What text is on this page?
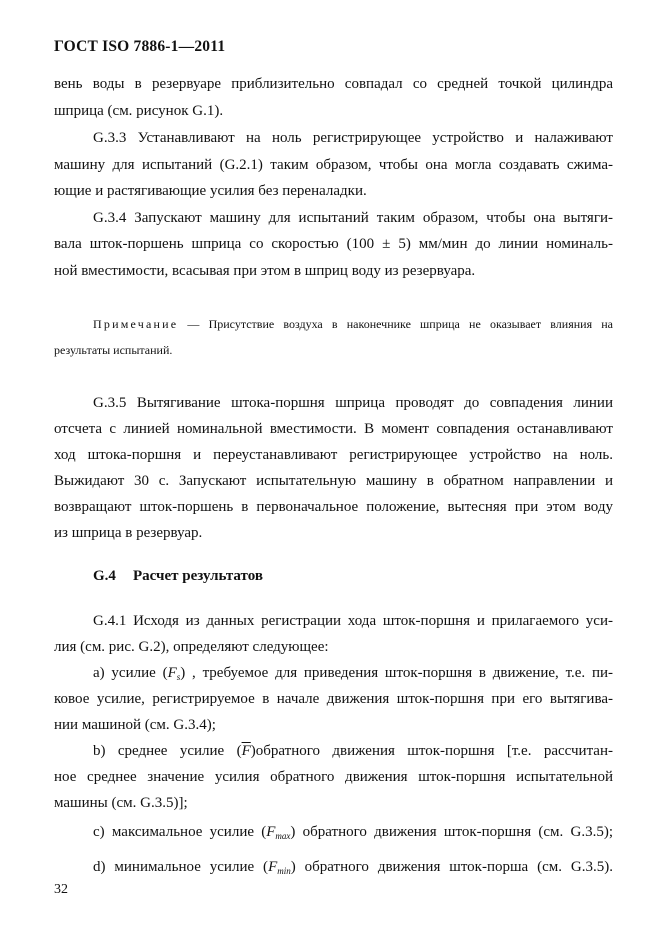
ГОСТ ISO 7886-1—2011
вень воды в резервуаре приблизительно совпадал со средней точкой цилиндра
шприца (см. рисунок G.1).
G.3.3 Устанавливают на ноль регистрирующее устройство и налаживают
машину для испытаний (G.2.1) таким образом, чтобы она могла создавать сжима-
ющие и растягивающие усилия без переналадки.
G.3.4 Запускают машину для испытаний таким образом, чтобы она вытяги-
вала шток-поршень шприца со скоростью (100 ± 5) мм/мин до линии номиналь-
ной вместимости, всасывая при этом в шприц воду из резервуара.
Примечание — Присутствие воздуха в наконечнике шприца не оказывает влияния на
результаты испытаний.
G.3.5 Вытягивание штока-поршня шприца проводят до совпадения линии
отсчета с линией номинальной вместимости. В момент совпадения останавливают
ход штока-поршня и переустанавливают регистрирующее устройство на ноль.
Выжидают 30 с. Запускают испытательную машину в обратном направлении и
возвращают шток-поршень в первоначальное положение, вытесняя при этом воду
из шприца в резервуар.
G.4 Расчет результатов
G.4.1 Исходя из данных регистрации хода шток-поршня и прилагаемого уси-
лия (см. рис. G.2), определяют следующее:
a) усилие $(F_s)$ , требуемое для приведения шток-поршня в движение, т.е. пи-
ковое усилие, регистрируемое в начале движения шток-поршня при его вытягива-
нии машиной (см. G.3.4);
b) среднее усилие $(\overline{F})обратного$ движения шток-поршня [т.е. рассчитан-
ное среднее значение усилия обратного движения шток-поршня испытательной
машины (см. G.3.5)];
c) максимальное усилие $(F_{max})$ обратного движения шток-поршня (см. G.3.5);
d) минимальное усилие $(F_{min})$ обратного движения шток-порша (см. G.3.5).
32
